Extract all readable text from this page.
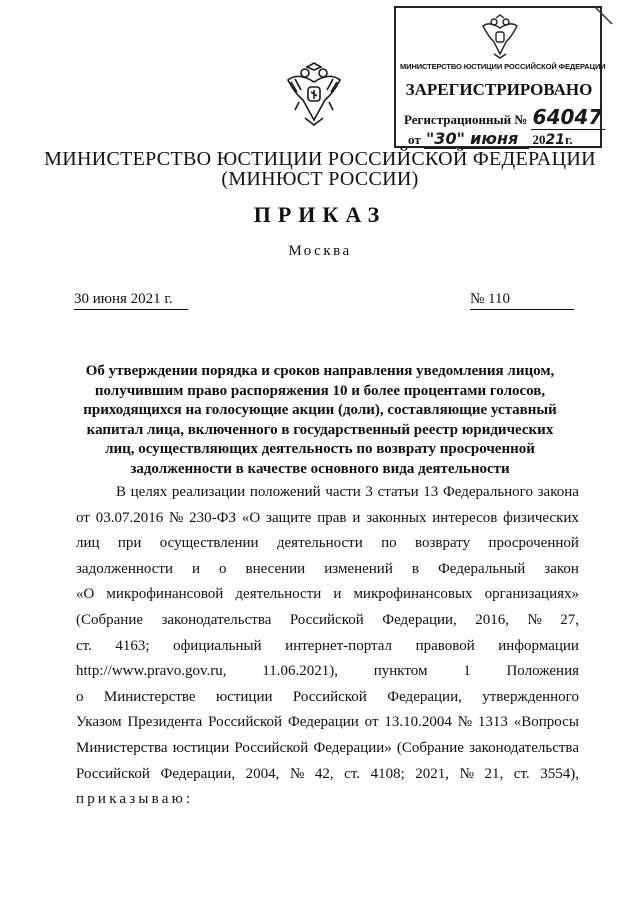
МИНИСТЕРСТВО ЮСТИЦИИ РОССИЙСКОЙ ФЕДЕРАЦИИ
ЗАРЕГИСТРИРОВАНО
Регистрационный № 64047
от "30" июня 2021г.
МИНИСТЕРСТВО ЮСТИЦИИ РОССИЙСКОЙ ФЕДЕРАЦИИ
(МИНЮСТ РОССИИ)
ПРИКАЗ
Москва
30 июня 2021 г.	№ 110
Об утверждении порядка и сроков направления уведомления лицом,
получившим право распоряжения 10 и более процентами голосов,
приходящихся на голосующие акции (доли), составляющие уставный
капитал лица, включенного в государственный реестр юридических
лиц, осуществляющих деятельность по возврату просроченной
задолженности в качестве основного вида деятельности
В целях реализации положений части 3 статьи 13 Федерального закона
от 03.07.2016 № 230-ФЗ «О защите прав и законных интересов физических
лиц при осуществлении деятельности по возврату просроченной
задолженности и о внесении изменений в Федеральный закон
«О микрофинансовой деятельности и микрофинансовых организациях»
(Собрание законодательства Российской Федерации, 2016, № 27,
ст. 4163; официальный интернет-портал правовой информации
http://www.pravo.gov.ru, 11.06.2021), пунктом 1 Положения
о Министерстве юстиции Российской Федерации, утвержденного
Указом Президента Российской Федерации от 13.10.2004 № 1313 «Вопросы
Министерства юстиции Российской Федерации» (Собрание законодательства
Российской Федерации, 2004, № 42, ст. 4108; 2021, № 21, ст. 3554),
приказываю:
